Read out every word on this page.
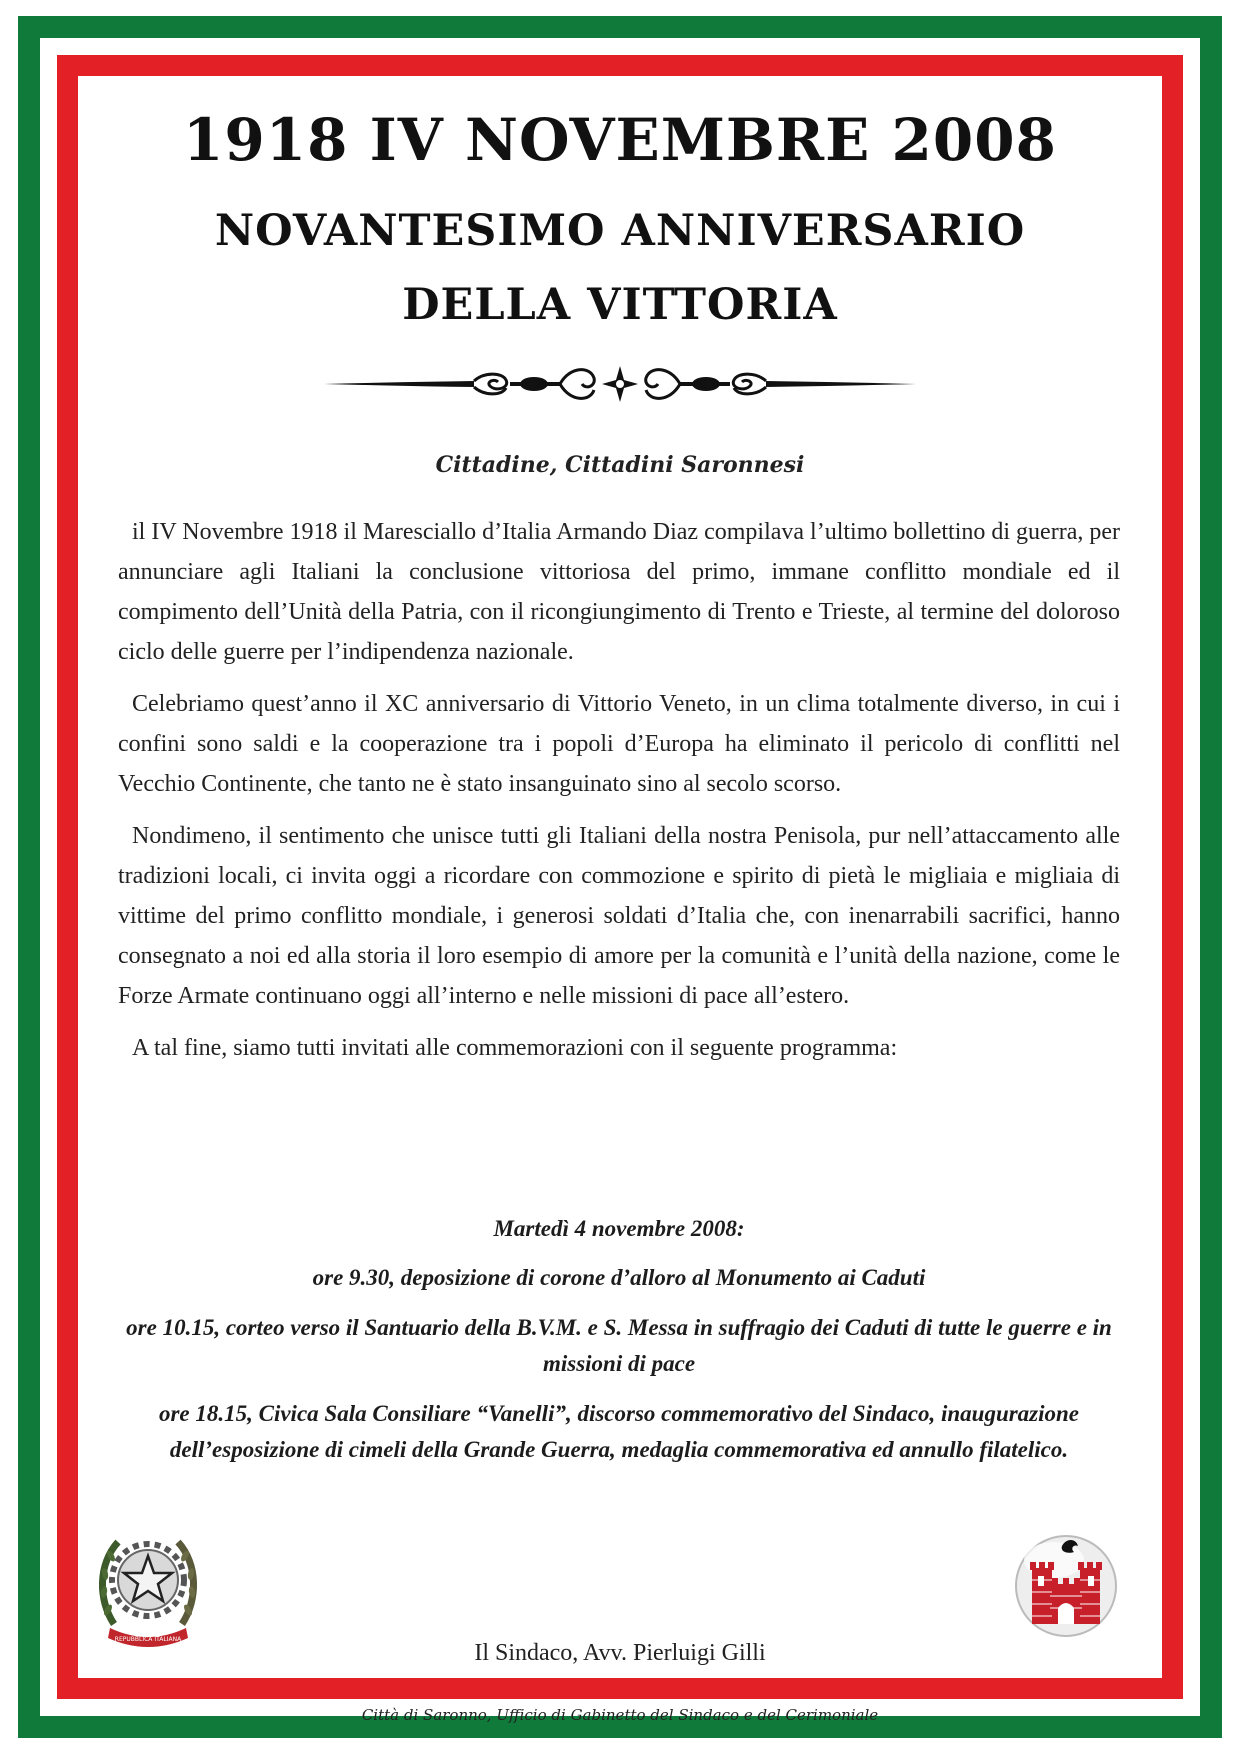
1918 IV NOVEMBRE 2008
NOVANTESIMO ANNIVERSARIO
DELLA VITTORIA
Cittadine, Cittadini Saronnesi

il IV Novembre 1918 il Maresciallo d’Italia Armando Diaz compilava l’ultimo bollettino di guerra, per annunciare agli Italiani la conclusione vittoriosa del primo, immane conflitto mondiale ed il compimento dell’Unità della Patria, con il ricongiungimento di Trento e Trieste, al termine del doloroso ciclo delle guerre per l’indipendenza nazionale.

Celebriamo quest’anno il XC anniversario di Vittorio Veneto, in un clima totalmente diverso, in cui i confini sono saldi e la cooperazione tra i popoli d’Europa ha eliminato il pericolo di conflitti nel Vecchio Continente, che tanto ne è stato insanguinato sino al secolo scorso.

Nondimeno, il sentimento che unisce tutti gli Italiani della nostra Penisola, pur nell’attaccamento alle tradizioni locali, ci invita oggi a ricordare con commozione e spirito di pietà le migliaia e migliaia di vittime del primo conflitto mondiale, i generosi soldati d’Italia che, con inenarrabili sacrifici, hanno consegnato a noi ed alla storia il loro esempio di amore per la comunità e l’unità della nazione, come le Forze Armate continuano oggi all’interno e nelle missioni di pace all’estero.

A tal fine, siamo tutti invitati alle commemorazioni con il seguente programma:

Martedì 4 novembre 2008:
ore 9.30, deposizione di corone d’alloro al Monumento ai Caduti
ore 10.15, corteo verso il Santuario della B.V.M. e S. Messa in suffragio dei Caduti di tutte le guerre e in missioni di pace
ore 18.15, Civica Sala Consiliare “Vanelli”, discorso commemorativo del Sindaco, inaugurazione dell’esposizione di cimeli della Grande Guerra, medaglia commemorativa ed annullo filatelico.
Il Sindaco, Avv. Pierluigi Gilli
Città di Saronno, Ufficio di Gabinetto del Sindaco e del Cerimoniale
REPUBBLICA ITALIANA
